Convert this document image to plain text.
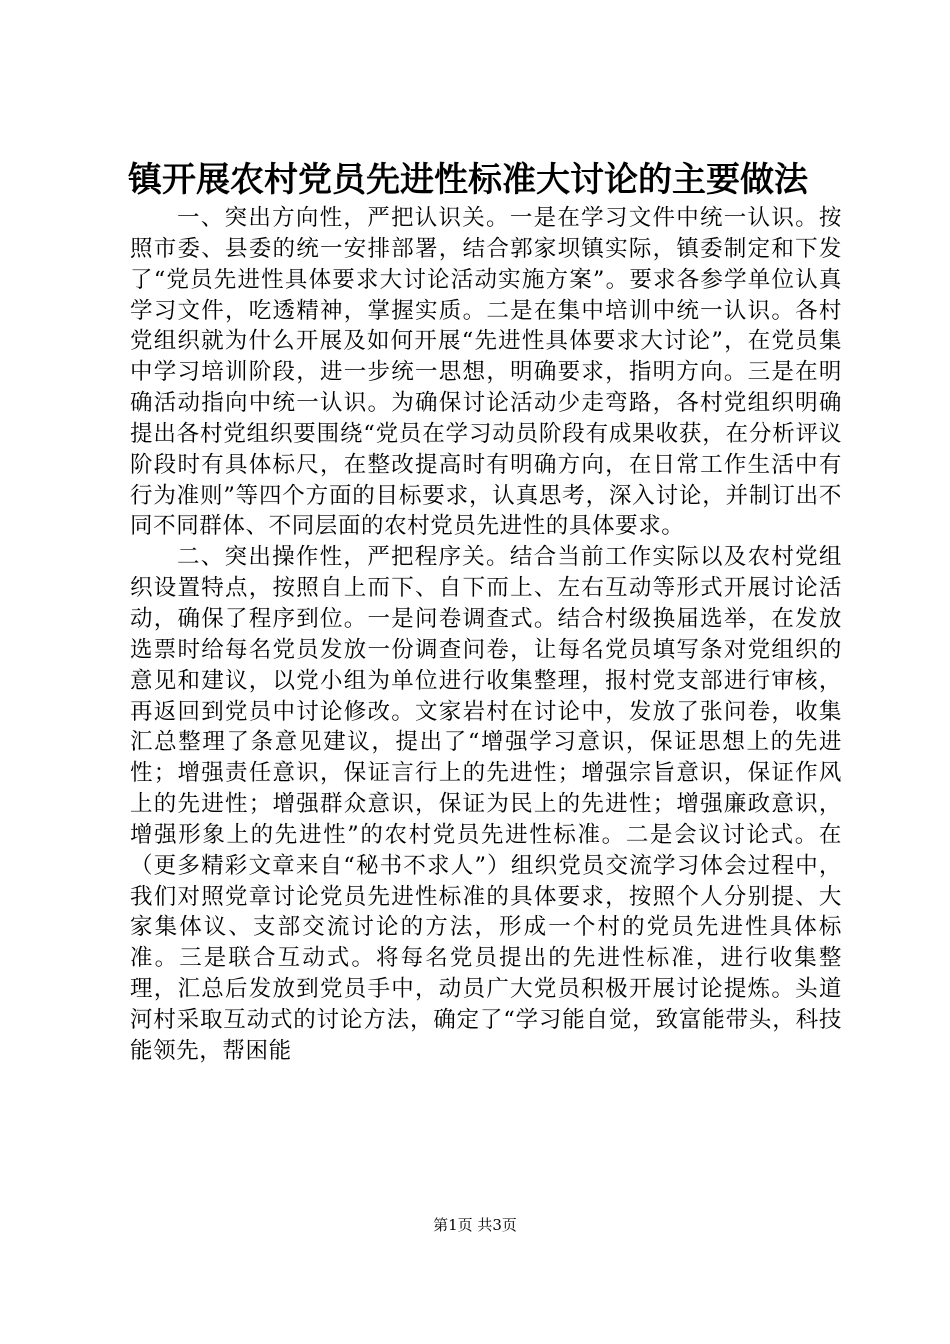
镇开展农村党员先进性标准大讨论的主要做法

一、突出方向性，严把认识关。一是在学习文件中统一认识。按照市委、县委的统一安排部署，结合郭家坝镇实际，镇委制定和下发了“党员先进性具体要求大讨论活动实施方案”。要求各参学单位认真学习文件，吃透精神，掌握实质。二是在集中培训中统一认识。各村党组织就为什么开展及如何开展“先进性具体要求大讨论”，在党员集中学习培训阶段，进一步统一思想，明确要求，指明方向。三是在明确活动指向中统一认识。为确保讨论活动少走弯路，各村党组织明确提出各村党组织要围绕“党员在学习动员阶段有成果收获，在分析评议阶段时有具体标尺，在整改提高时有明确方向，在日常工作生活中有行为准则”等四个方面的目标要求，认真思考，深入讨论，并制订出不同不同群体、不同层面的农村党员先进性的具体要求。

二、突出操作性，严把程序关。结合当前工作实际以及农村党组织设置特点，按照自上而下、自下而上、左右互动等形式开展讨论活动，确保了程序到位。一是问卷调查式。结合村级换届选举，在发放选票时给每名党员发放一份调查问卷，让每名党员填写条对党组织的意见和建议，以党小组为单位进行收集整理，报村党支部进行审核，再返回到党员中讨论修改。文家岩村在讨论中，发放了张问卷，收集汇总整理了条意见建议，提出了“增强学习意识，保证思想上的先进性；增强责任意识，保证言行上的先进性；增强宗旨意识，保证作风上的先进性；增强群众意识，保证为民上的先进性；增强廉政意识，增强形象上的先进性”的农村党员先进性标准。二是会议讨论式。在（更多精彩文章来自“秘书不求人”）组织党员交流学习体会过程中，我们对照党章讨论党员先进性标准的具体要求，按照个人分别提、大家集体议、支部交流讨论的方法，形成一个村的党员先进性具体标准。三是联合互动式。将每名党员提出的先进性标准，进行收集整理，汇总后发放到党员手中，动员广大党员积极开展讨论提炼。头道河村采取互动式的讨论方法，确定了“学习能自觉，致富能带头，科技能领先，帮困能

第1页 共3页
